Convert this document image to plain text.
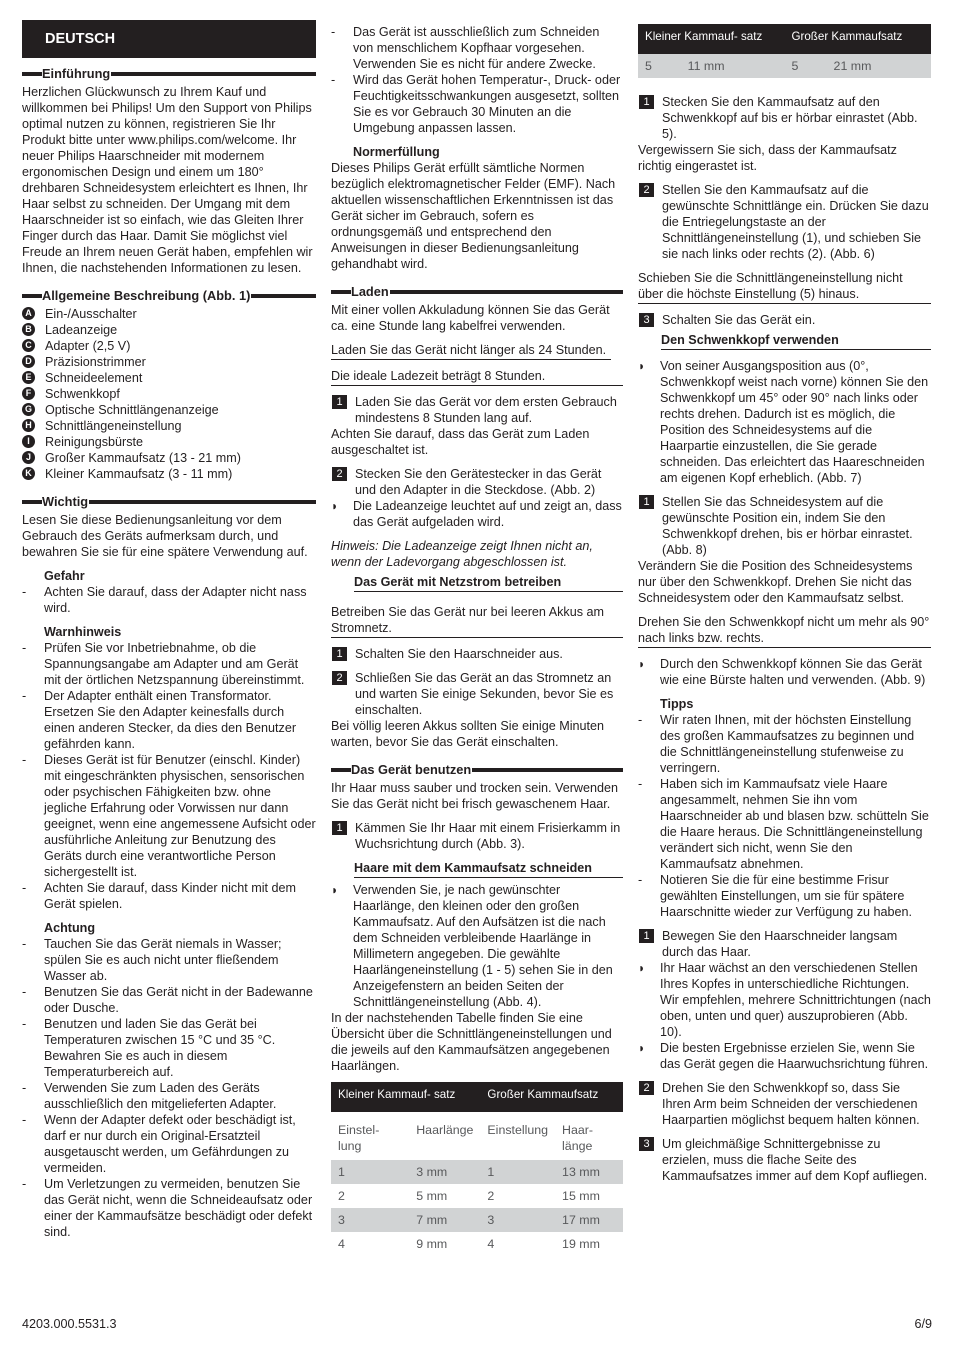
DEUTSCH
Einführung

Herzlichen Glückwunsch zu Ihrem Kauf und willkommen bei Philips! Um den Support von Philips optimal nutzen zu können, registrieren Sie Ihr Produkt bitte unter www.philips.com/welcome. Ihr neuer Philips Haarschneider mit modernem ergonomischen Design und einem um 180° drehbaren Schneidesystem erleichtert es Ihnen, Ihr Haar selbst zu schneiden. Der Umgang mit dem Haarschneider ist so einfach, wie das Gleiten Ihrer Finger durch das Haar. Damit Sie möglichst viel Freude an Ihrem neuen Gerät haben, empfehlen wir Ihnen, die nachstehenden Informationen zu lesen.

Allgemeine Beschreibung (Abb. 1)
A Ein-/Ausschalter
B Ladeanzeige
C Adapter (2,5 V)
D Präzisionstrimmer
E Schneideelement
F Schwenkkopf
G Optische Schnittlängenanzeige
H Schnittlängeneinstellung
I	Reinigungsbürste
J	Großer Kammaufsatz (13 - 21 mm)
K Kleiner Kammaufsatz (3 - 11 mm)
Wichtig

Lesen Sie diese Bedienungsanleitung vor dem Gebrauch des Geräts aufmerksam durch, und bewahren Sie sie für eine spätere Verwendung auf.

Gefahr
-	Achten Sie darauf, dass der Adapter nicht nass wird.
Warnhinweis
-	Prüfen Sie vor Inbetriebnahme, ob die Spannungsangabe am Adapter und am Gerät mit der örtlichen Netzspannung übereinstimmt.
-	Der Adapter enthält einen Transformator. Ersetzen Sie den Adapter keinesfalls durch einen anderen Stecker, da dies den Benutzer gefährden kann.
-	Dieses Gerät ist für Benutzer (einschl. Kinder) mit eingeschränkten physischen, sensorischen oder psychischen Fähigkeiten bzw. ohne jegliche Erfahrung oder Vorwissen nur dann geeignet, wenn eine angemessene Aufsicht oder ausführliche Anleitung zur Benutzung des Geräts durch eine verantwortliche Person sichergestellt ist.
-	Achten Sie darauf, dass Kinder nicht mit dem Gerät spielen.
Achtung
-	Tauchen Sie das Gerät niemals in Wasser; spülen Sie es auch nicht unter fließendem Wasser ab.
-	Benutzen Sie das Gerät nicht in der Badewanne oder Dusche.
-	Benutzen und laden Sie das Gerät bei Temperaturen zwischen 15 °C und 35 °C. Bewahren Sie es auch in diesem Temperaturbereich auf.
-	Verwenden Sie zum Laden des Geräts ausschließlich den mitgelieferten Adapter.
-	Wenn der Adapter defekt oder beschädigt ist, darf er nur durch ein Original-Ersatzteil ausgetauscht werden, um Gefährdungen zu vermeiden.
-	Um Verletzungen zu vermeiden, benutzen Sie das Gerät nicht, wenn die Schneideaufsatz oder einer der Kammaufsätze beschädigt oder defekt sind.
-	Das Gerät ist ausschließlich zum Schneiden von menschlichem Kopfhaar vorgesehen. Verwenden Sie es nicht für andere Zwecke.
-	Wird das Gerät hohen Temperatur-, Druck- oder Feuchtigkeitsschwankungen ausgesetzt, sollten Sie es vor Gebrauch 30 Minuten an die Umgebung anpassen lassen.
Normerfüllung

Dieses Philips Gerät erfüllt sämtliche Normen bezüglich elektromagnetischer Felder (EMF). Nach aktuellen wissenschaftlichen Erkenntnissen ist das Gerät sicher im Gebrauch, sofern es ordnungsgemäß und entsprechend den Anweisungen in dieser Bedienungsanleitung gehandhabt wird.

Laden

Mit einer vollen Akkuladung können Sie das Gerät ca. eine Stunde lang kabelfrei verwenden.

Laden Sie das Gerät nicht länger als 24 Stunden.
Die ideale Ladezeit beträgt 8 Stunden.
1 Laden Sie das Gerät vor dem ersten Gebrauch mindestens 8 Stunden lang auf.

Achten Sie darauf, dass das Gerät zum Laden ausgeschaltet ist.

2 Stecken Sie den Gerätestecker in das Gerät und den Adapter in die Steckdose. (Abb. 2)
◗	Die Ladeanzeige leuchtet auf und zeigt an, dass das Gerät aufgeladen wird.

Hinweis: Die Ladeanzeige zeigt Ihnen nicht an, wenn der Ladevorgang abgeschlossen ist.

Das Gerät mit Netzstrom betreiben
Betreiben Sie das Gerät nur bei leeren Akkus am Stromnetz.
1 Schalten Sie den Haarschneider aus.
2 Schließen Sie das Gerät an das Stromnetz an und warten Sie einige Sekunden, bevor Sie es einschalten.

Bei völlig leeren Akkus sollten Sie einige Minuten warten, bevor Sie das Gerät einschalten.

Das Gerät benutzen

Ihr Haar muss sauber und trocken sein. Verwenden Sie das Gerät nicht bei frisch gewaschenem Haar.

1 Kämmen Sie Ihr Haar mit einem Frisierkamm in Wuchsrichtung durch (Abb. 3).
Haare mit dem Kammaufsatz schneiden
◗	Verwenden Sie, je nach gewünschter Haarlänge, den kleinen oder den großen Kammaufsatz. Auf den Aufsätzen ist die nach dem Schneiden verbleibende Haarlänge in Millimetern angegeben. Die gewählte Haarlängeneinstellung (1 - 5) sehen Sie in den Anzeigefenstern an beiden Seiten der Schnittlängeneinstellung (Abb. 4).

In der nachstehenden Tabelle finden Sie eine Übersicht über die Schnittlängeneinstellungen und die jeweils auf den Kammaufsätzen angegebenen Haarlängen.

Kleiner Kammauf- satz		Großer Kammaufsatz	
Einstel- lung	Haarlänge	Einstellung	Haar- länge
1	3 mm	1	13 mm
2	5 mm	2	15 mm
3	7 mm	3	17 mm
4	9 mm	4	19 mm
Kleiner Kammauf- satz		Großer Kammaufsatz	
5	11 mm	5	21 mm
1 Stecken Sie den Kammaufsatz auf den Schwenkkopf auf bis er hörbar einrastet (Abb. 5).

Vergewissern Sie sich, dass der Kammaufsatz richtig eingerastet ist.

2 Stellen Sie den Kammaufsatz auf die gewünschte Schnittlänge ein. Drücken Sie dazu die Entriegelungstaste an der Schnittlängeneinstellung (1), und schieben Sie sie nach links oder rechts (2). (Abb. 6)
Schieben Sie die Schnittlängeneinstellung nicht über die höchste Einstellung (5) hinaus.
3 Schalten Sie das Gerät ein.
Den Schwenkkopf verwenden
◗	Von seiner Ausgangsposition aus (0°, Schwenkkopf weist nach vorne) können Sie den Schwenkkopf um 45° oder 90° nach links oder rechts drehen. Dadurch ist es möglich, die Position des Schneidesystems auf die Haarpartie einzustellen, die Sie gerade schneiden. Das erleichtert das Haareschneiden am eigenen Kopf erheblich. (Abb. 7)
1 Stellen Sie das Schneidesystem auf die gewünschte Position ein, indem Sie den Schwenkkopf drehen, bis er hörbar einrastet. (Abb. 8)

Verändern Sie die Position des Schneidesystems nur über den Schwenkkopf. Drehen Sie nicht das Schneidesystem oder den Kammaufsatz selbst.

Drehen Sie den Schwenkkopf nicht um mehr als 90° nach links bzw. rechts.
◗	Durch den Schwenkkopf können Sie das Gerät wie eine Bürste halten und verwenden. (Abb. 9)
Tipps
-	Wir raten Ihnen, mit der höchsten Einstellung des großen Kammaufsatzes zu beginnen und die Schnittlängeneinstellung stufenweise zu verringern.
-	Haben sich im Kammaufsatz viele Haare angesammelt, nehmen Sie ihn vom Haarschneider ab und blasen bzw. schütteln Sie die Haare heraus. Die Schnittlängeneinstellung verändert sich nicht, wenn Sie den Kammaufsatz abnehmen.
-	Notieren Sie die für eine bestimme Frisur gewählten Einstellungen, um sie für spätere Haarschnitte wieder zur Verfügung zu haben.
1 Bewegen Sie den Haarschneider langsam durch das Haar.
◗	Ihr Haar wächst an den verschiedenen Stellen Ihres Kopfes in unterschiedliche Richtungen. Wir empfehlen, mehrere Schnittrichtungen (nach oben, unten und quer) auszuprobieren (Abb. 10).
◗	Die besten Ergebnisse erzielen Sie, wenn Sie das Gerät gegen die Haarwuchsrichtung führen.
2 Drehen Sie den Schwenkkopf so, dass Sie Ihren Arm beim Schneiden der verschiedenen Haarpartien möglichst bequem halten können.
3 Um gleichmäßige Schnittergebnisse zu erzielen, muss die flache Seite des Kammaufsatzes immer auf dem Kopf aufliegen.
4203.000.5531.3	6/9
